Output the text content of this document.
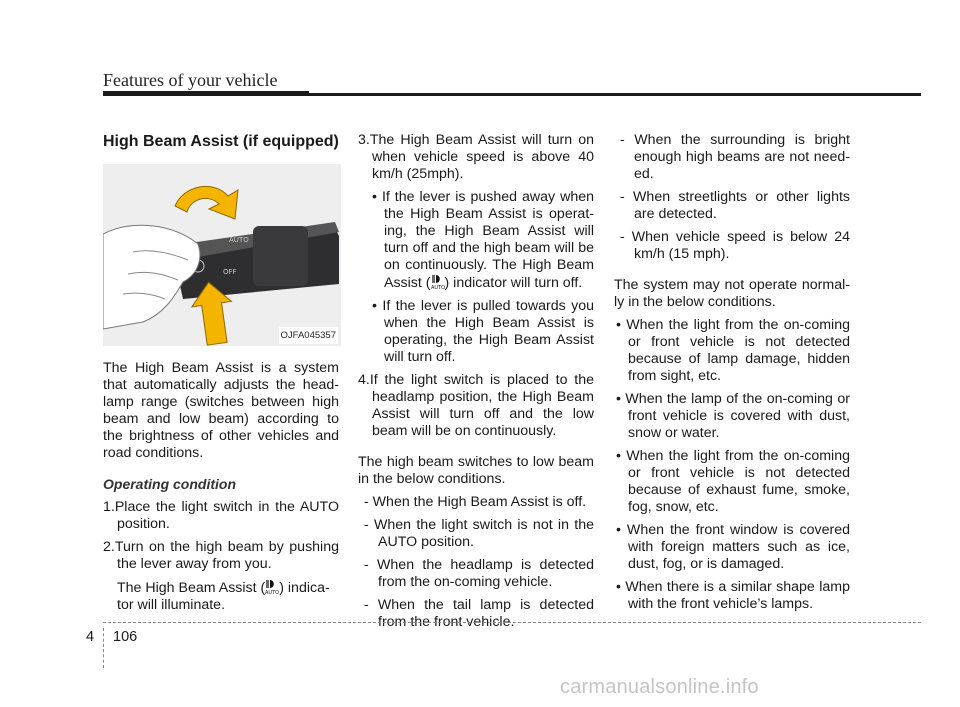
Features of your vehicle
High Beam Assist (if equipped)
AUTO
OFF
OJFA045357

The High Beam Assist is a system that automatically adjusts the head-lamp range (switches between high beam and low beam) according to the brightness of other vehicles and road conditions.

Operating condition
1.Place the light switch in the AUTO position.
2.Turn on the high beam by pushing the lever away from you.
The High Beam Assist ( AUTO ) indica-tor will illuminate.
3.The High Beam Assist will turn on when vehicle speed is above 40 km/h (25mph).
• If the lever is pushed away when the High Beam Assist is operat-ing, the High Beam Assist will turn off and the high beam will be on continuously. The High Beam Assist ( AUTO ) indicator will turn off.
• If the lever is pulled towards you when the High Beam Assist is operating, the High Beam Assist will turn off.
4.If the light switch is placed to the headlamp position, the High Beam Assist will turn off and the low beam will be on continuously.

The high beam switches to low beam in the below conditions.

- When the High Beam Assist is off.
- When the light switch is not in the AUTO position.
- When the headlamp is detected from the on-coming vehicle.
- When the tail lamp is detected from the front vehicle.
- When the surrounding is bright enough high beams are not need-ed.
- When streetlights or other lights are detected.
- When vehicle speed is below 24 km/h (15 mph).

The system may not operate normal-ly in the below conditions.

• When the light from the on-coming or front vehicle is not detected because of lamp damage, hidden from sight, etc.
• When the lamp of the on-coming or front vehicle is covered with dust, snow or water.
• When the light from the on-coming or front vehicle is not detected because of exhaust fume, smoke, fog, snow, etc.
• When the front window is covered with foreign matters such as ice, dust, fog, or is damaged.
• When there is a similar shape lamp with the front vehicle’s lamps.
4 106
carmanualsonline.info
